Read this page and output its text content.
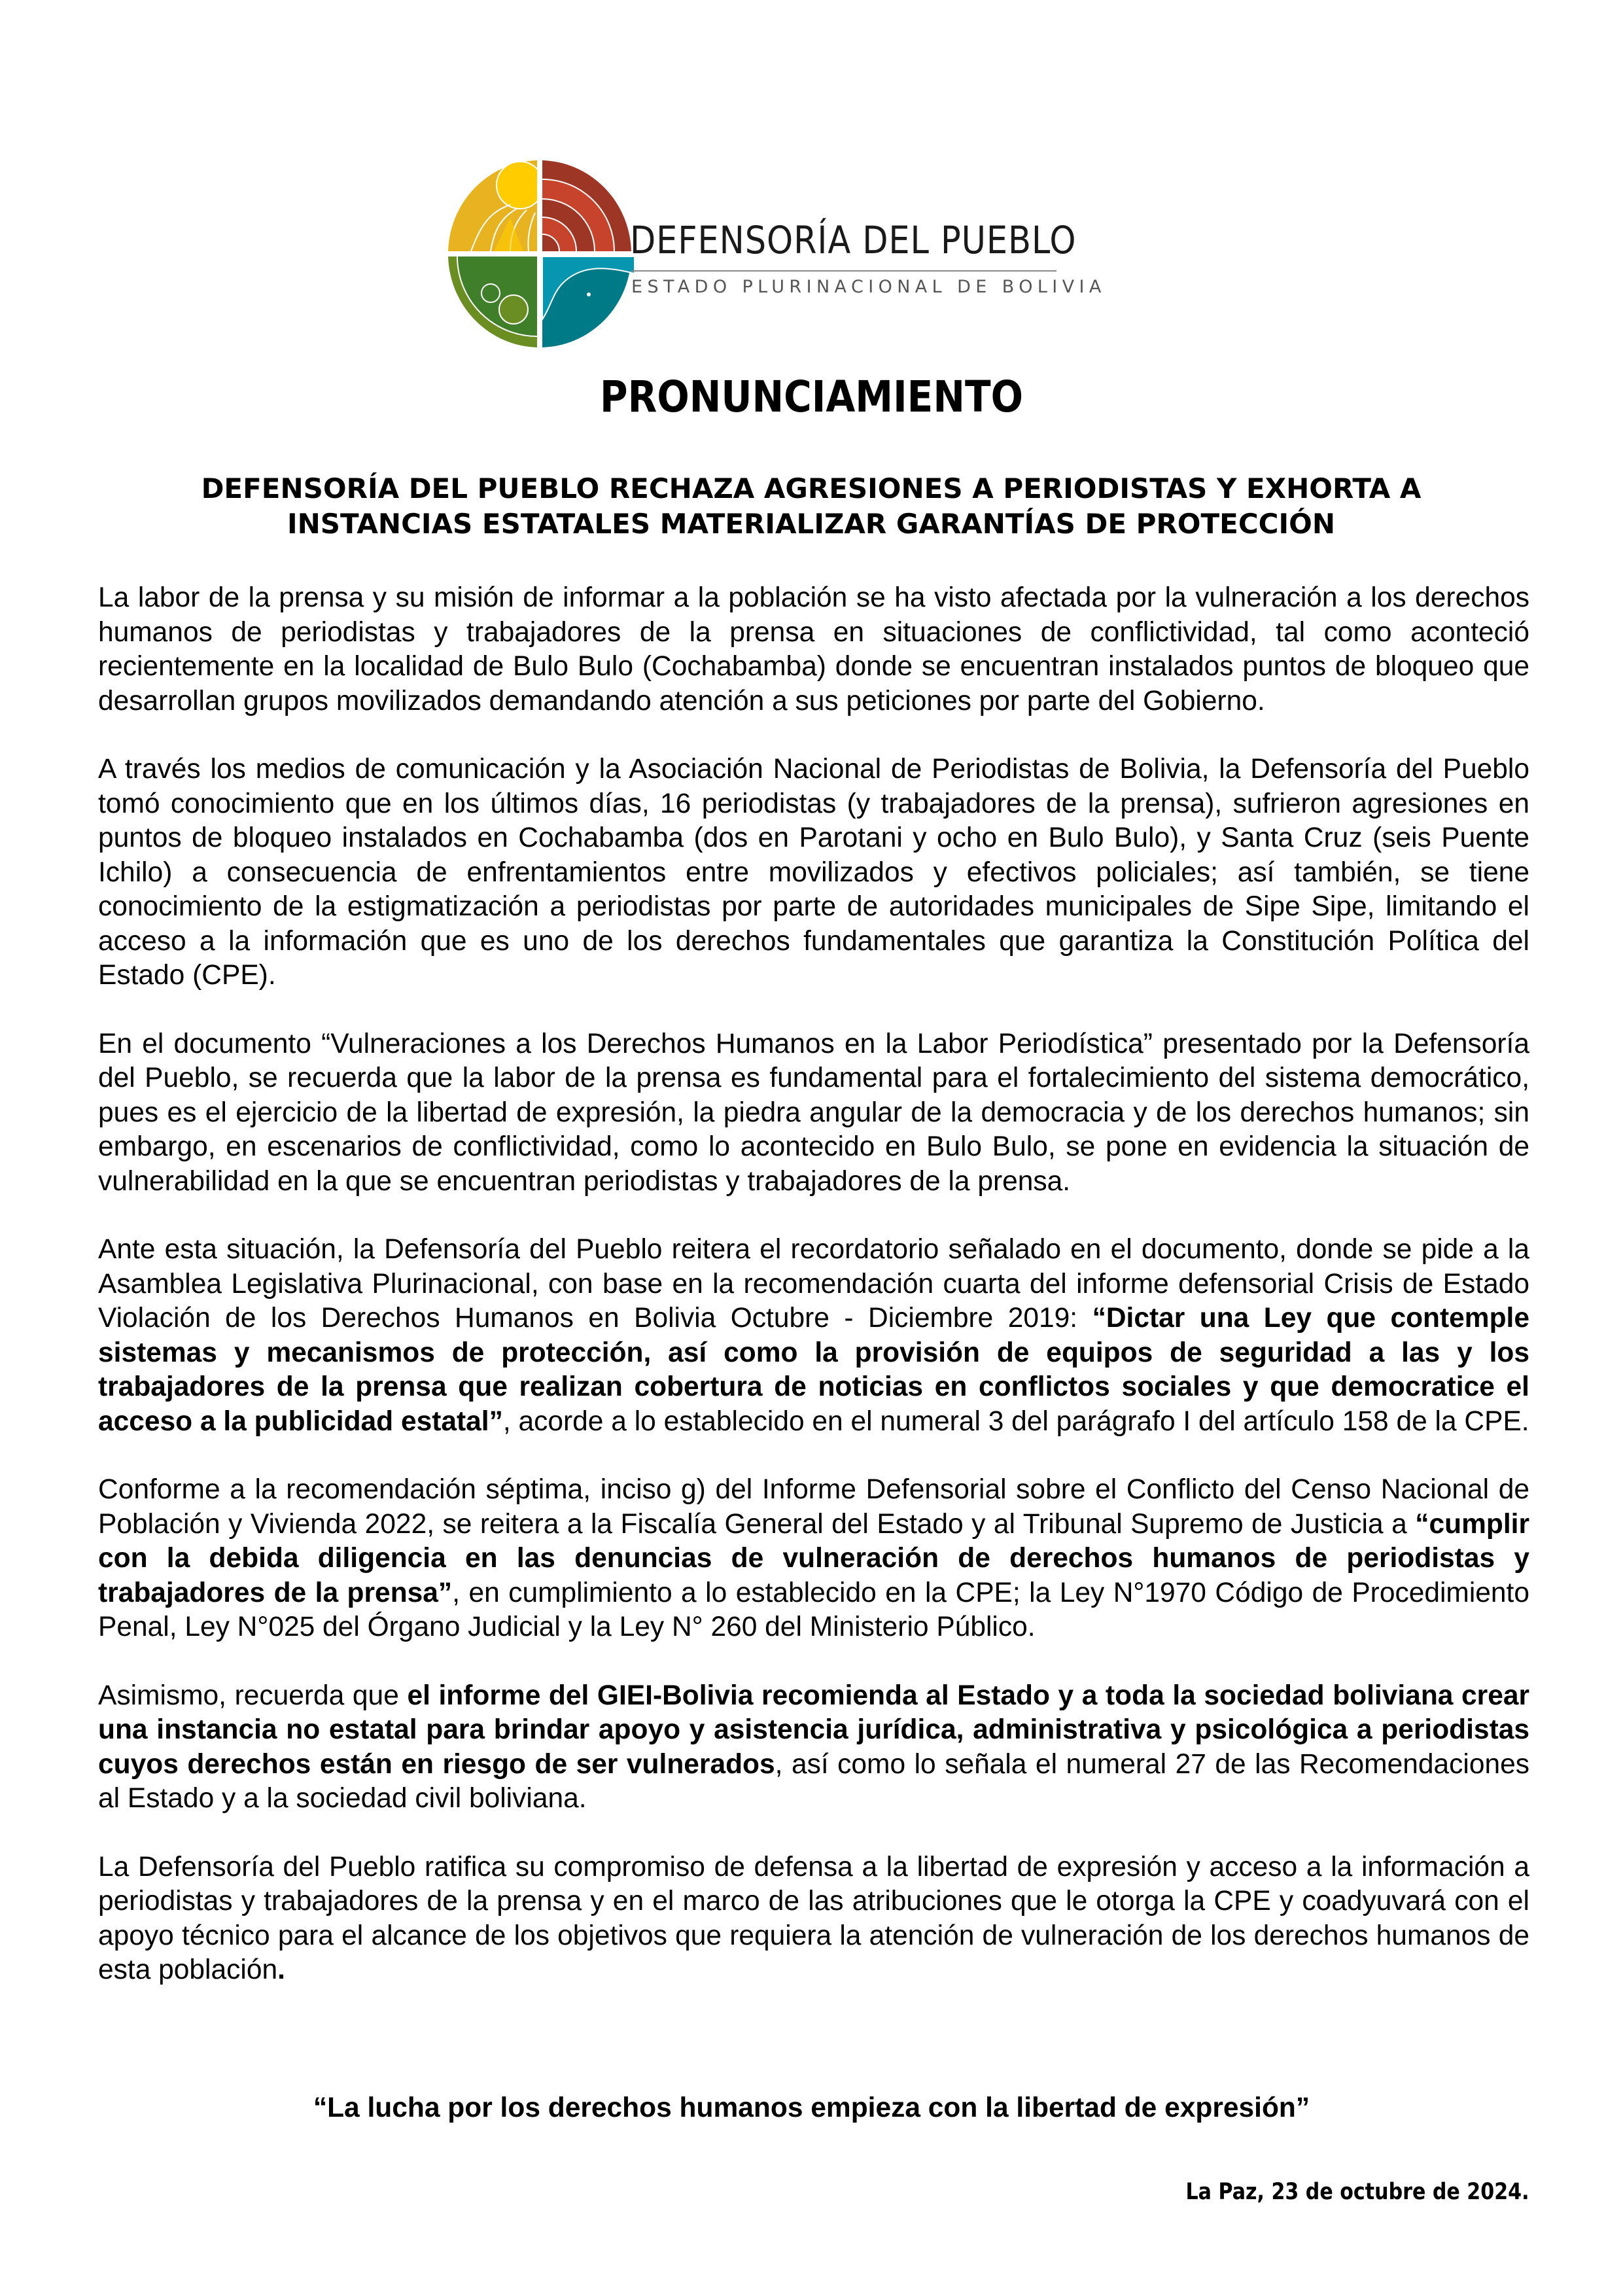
DEFENSORÍA DEL PUEBLO
ESTADO PLURINACIONAL DE BOLIVIA
PRONUNCIAMIENTO
DEFENSORÍA DEL PUEBLO RECHAZA AGRESIONES A PERIODISTAS Y EXHORTA A
INSTANCIAS ESTATALES MATERIALIZAR GARANTÍAS DE PROTECCIÓN

La labor de la prensa y su misión de informar a la población se ha visto afectada por la vulneración a los derechos humanos de periodistas y trabajadores de la prensa en situaciones de conflictividad, tal como aconteció recientemente en la localidad de Bulo Bulo (Cochabamba) donde se encuentran instalados puntos de bloqueo que desarrollan grupos movilizados demandando atención a sus peticiones por parte del Gobierno.

A través los medios de comunicación y la Asociación Nacional de Periodistas de Bolivia, la Defensoría del Pueblo tomó conocimiento que en los últimos días, 16 periodistas (y trabajadores de la prensa), sufrieron agresiones en puntos de bloqueo instalados en Cochabamba (dos en Parotani y ocho en Bulo Bulo), y Santa Cruz (seis Puente Ichilo) a consecuencia de enfrentamientos entre movilizados y efectivos policiales; así también, se tiene conocimiento de la estigmatización a periodistas por parte de autoridades municipales de Sipe Sipe, limitando el acceso a la información que es uno de los derechos fundamentales que garantiza la Constitución Política del Estado (CPE).

En el documento “Vulneraciones a los Derechos Humanos en la Labor Periodística” presentado por la Defensoría del Pueblo, se recuerda que la labor de la prensa es fundamental para el fortalecimiento del sistema democrático, pues es el ejercicio de la libertad de expresión, la piedra angular de la democracia y de los derechos humanos; sin embargo, en escenarios de conflictividad, como lo acontecido en Bulo Bulo, se pone en evidencia la situación de vulnerabilidad en la que se encuentran periodistas y trabajadores de la prensa.

Ante esta situación, la Defensoría del Pueblo reitera el recordatorio señalado en el documento, donde se pide a la Asamblea Legislativa Plurinacional, con base en la recomendación cuarta del informe defensorial Crisis de Estado Violación de los Derechos Humanos en Bolivia Octubre - Diciembre 2019: “Dictar una Ley que contemple sistemas y mecanismos de protección, así como la provisión de equipos de seguridad a las y los trabajadores de la prensa que realizan cobertura de noticias en conflictos sociales y que democratice el acceso a la publicidad estatal”, acorde a lo establecido en el numeral 3 del parágrafo I del artículo 158 de la CPE.

Conforme a la recomendación séptima, inciso g) del Informe Defensorial sobre el Conflicto del Censo Nacional de Población y Vivienda 2022, se reitera a la Fiscalía General del Estado y al Tribunal Supremo de Justicia a “cumplir con la debida diligencia en las denuncias de vulneración de derechos humanos de periodistas y trabajadores de la prensa”, en cumplimiento a lo establecido en la CPE; la Ley N°1970 Código de Procedimiento Penal, Ley N°025 del Órgano Judicial y la Ley N° 260 del Ministerio Público.

Asimismo, recuerda que el informe del GIEI-Bolivia recomienda al Estado y a toda la sociedad boliviana crear una instancia no estatal para brindar apoyo y asistencia jurídica, administrativa y psicológica a periodistas cuyos derechos están en riesgo de ser vulnerados, así como lo señala el numeral 27 de las Recomendaciones al Estado y a la sociedad civil boliviana.

La Defensoría del Pueblo ratifica su compromiso de defensa a la libertad de expresión y acceso a la información a periodistas y trabajadores de la prensa y en el marco de las atribuciones que le otorga la CPE y coadyuvará con el apoyo técnico para el alcance de los objetivos que requiera la atención de vulneración de los derechos humanos de esta población.

“La lucha por los derechos humanos empieza con la libertad de expresión”
La Paz, 23 de octubre de 2024.
